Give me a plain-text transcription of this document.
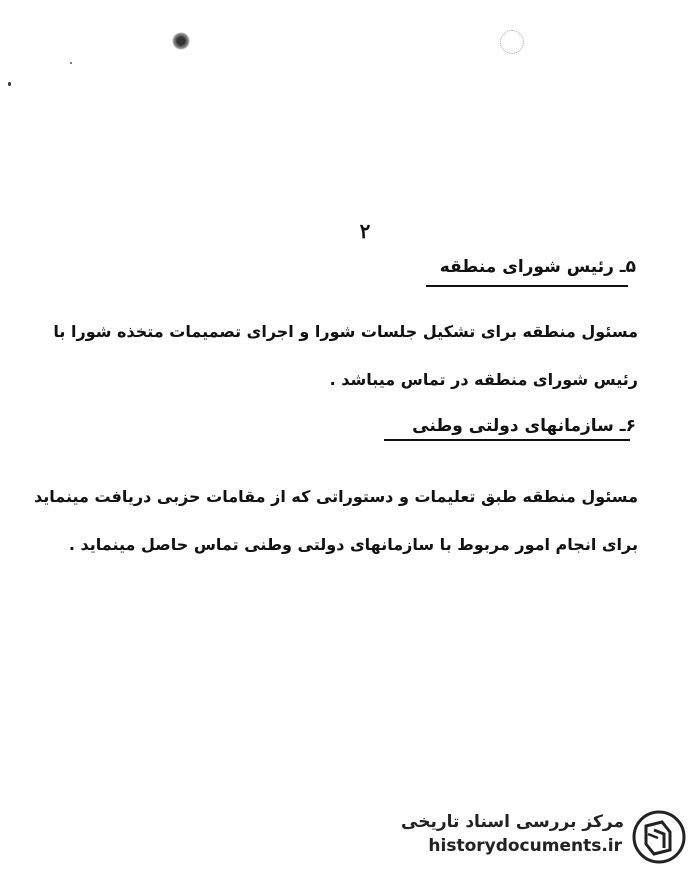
۲
۵ـ رئیس شورای منطقه
مسئول منطقه برای تشکیل جلسات شورا و اجرای تصمیمات متخذه شورا با
رئیس شورای منطقه در تماس میباشد .
۶ـ سازمانهای دولتی وطنی
مسئول منطقه طبق تعلیمات و دستوراتی که از مقامات حزبی دریافت مینماید
برای انجام امور مربوط با سازمانهای دولتی وطنی تماس حاصل مینماید .
مرکز بررسی اسناد تاریخی
historydocuments.ir
